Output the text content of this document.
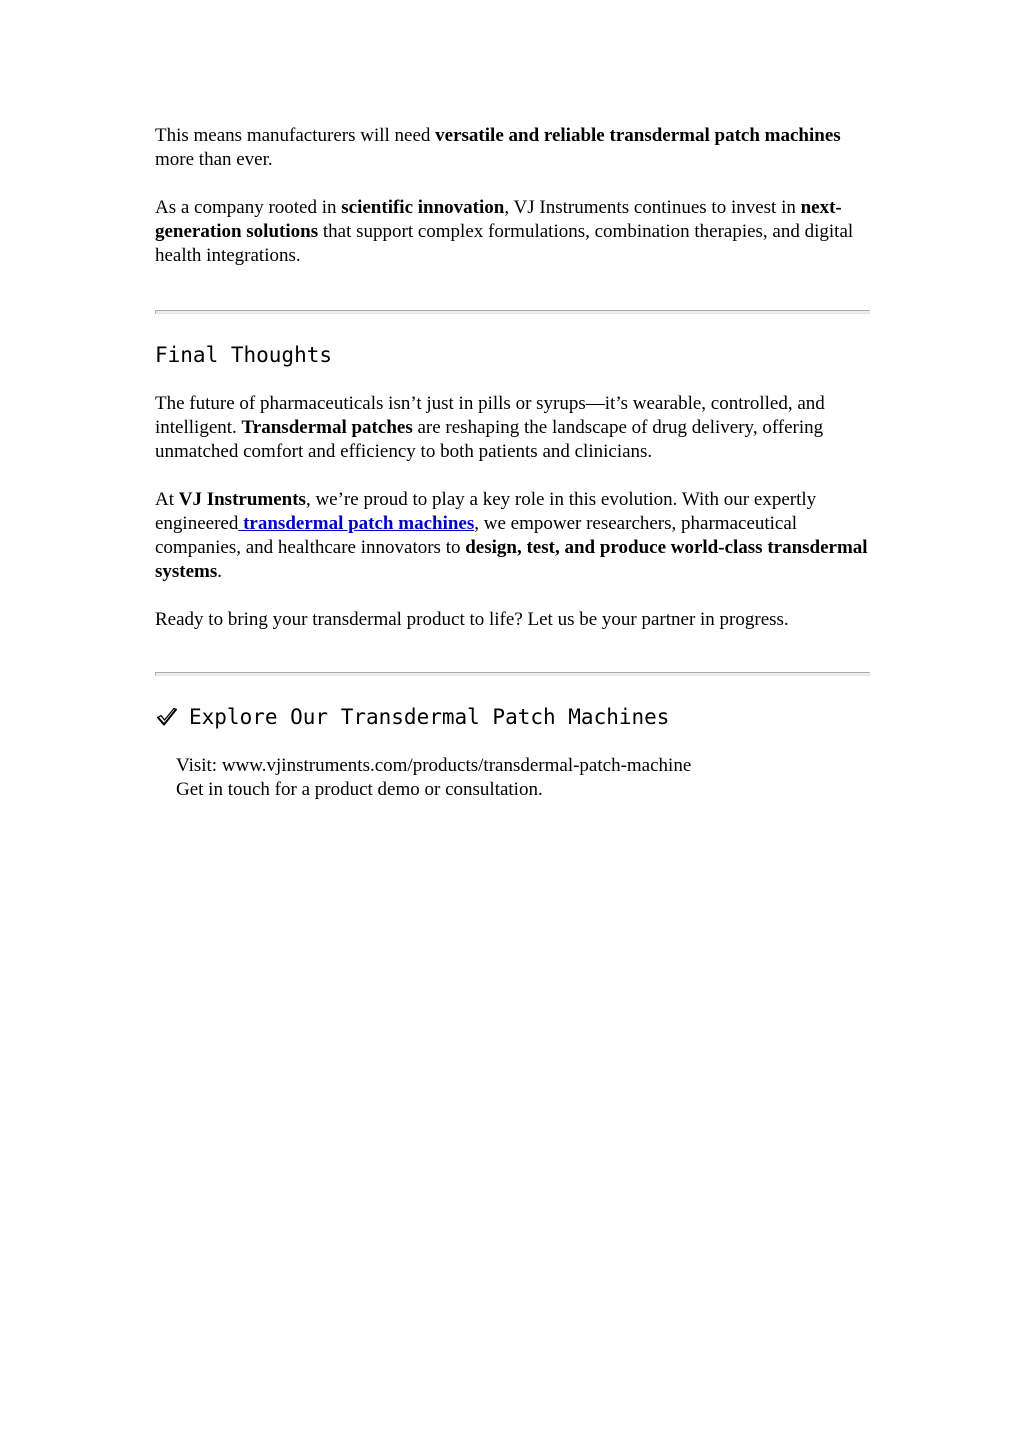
This means manufacturers will need versatile and reliable transdermal patch machines more than ever.

As a company rooted in scientific innovation, VJ Instruments continues to invest in next-generation solutions that support complex formulations, combination therapies, and digital health integrations.

Final Thoughts

The future of pharmaceuticals isn’t just in pills or syrups—it’s wearable, controlled, and intelligent. Transdermal patches are reshaping the landscape of drug delivery, offering unmatched comfort and efficiency to both patients and clinicians.

At VJ Instruments, we’re proud to play a key role in this evolution. With our expertly engineered transdermal patch machines, we empower researchers, pharmaceutical companies, and healthcare innovators to design, test, and produce world-class transdermal systems.

Ready to bring your transdermal product to life? Let us be your partner in progress.

Explore Our Transdermal Patch Machines

Visit: www.vjinstruments.com/products/transdermal-patch-machine

Get in touch for a product demo or consultation.
